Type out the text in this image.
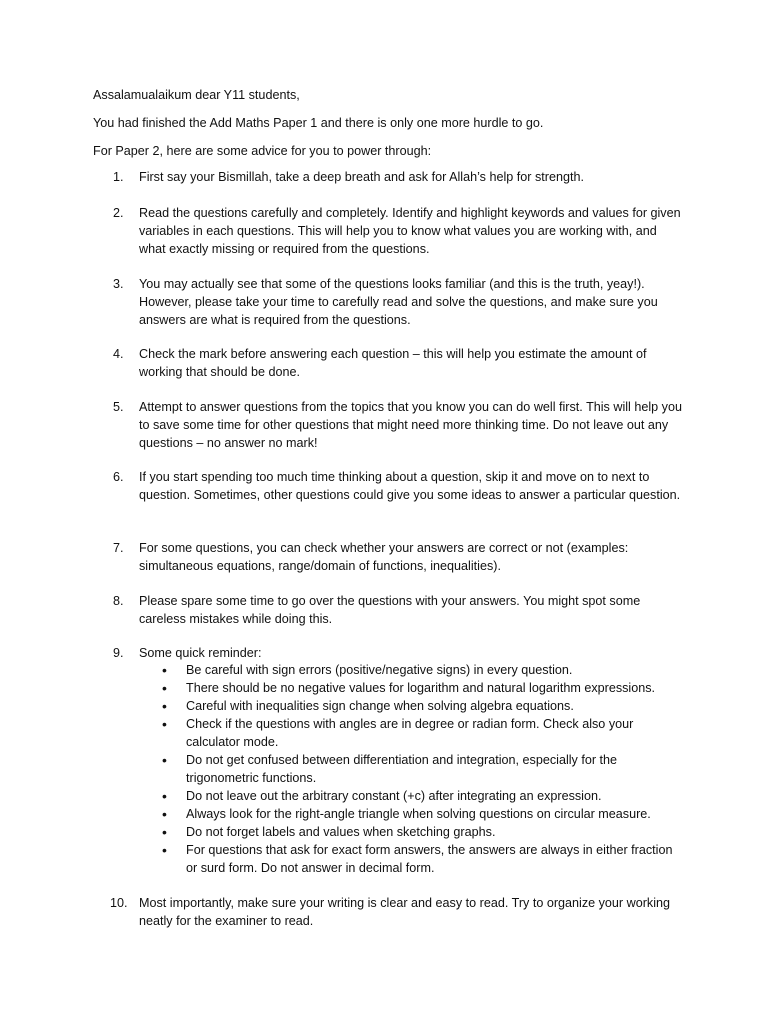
Assalamualaikum dear Y11 students,

You had finished the Add Maths Paper 1 and there is only one more hurdle to go.

For Paper 2, here are some advice for you to power through:

1.	First say your Bismillah, take a deep breath and ask for Allah’s help for strength.

2.	Read the questions carefully and completely. Identify and highlight keywords and values for given variables in each questions. This will help you to know what values you are working with, and what exactly missing or required from the questions.

3.	You may actually see that some of the questions looks familiar (and this is the truth, yeay!). However, please take your time to carefully read and solve the questions, and make sure you answers are what is required from the questions.

4.	Check the mark before answering each question – this will help you estimate the amount of working that should be done.

5.	Attempt to answer questions from the topics that you know you can do well first. This will help you to save some time for other questions that might need more thinking time. Do not leave out any questions – no answer no mark!

6.	If you start spending too much time thinking about a question, skip it and move on to next to question. Sometimes, other questions could give you some ideas to answer a particular question.

7.	For some questions, you can check whether your answers are correct or not (examples: simultaneous equations, range/domain of functions, inequalities).

8.	Please spare some time to go over the questions with your answers. You might spot some careless mistakes while doing this.

9.	Some quick reminder:

•	Be careful with sign errors (positive/negative signs) in every question.

•	There should be no negative values for logarithm and natural logarithm expressions.

•	Careful with inequalities sign change when solving algebra equations.

•	Check if the questions with angles are in degree or radian form. Check also your calculator mode.

•	Do not get confused between differentiation and integration, especially for the trigonometric functions.

•	Do not leave out the arbitrary constant (+c) after integrating an expression.

•	Always look for the right-angle triangle when solving questions on circular measure.

•	Do not forget labels and values when sketching graphs.

•	For questions that ask for exact form answers, the answers are always in either fraction or surd form. Do not answer in decimal form.

10. Most importantly, make sure your writing is clear and easy to read. Try to organize your working neatly for the examiner to read.
